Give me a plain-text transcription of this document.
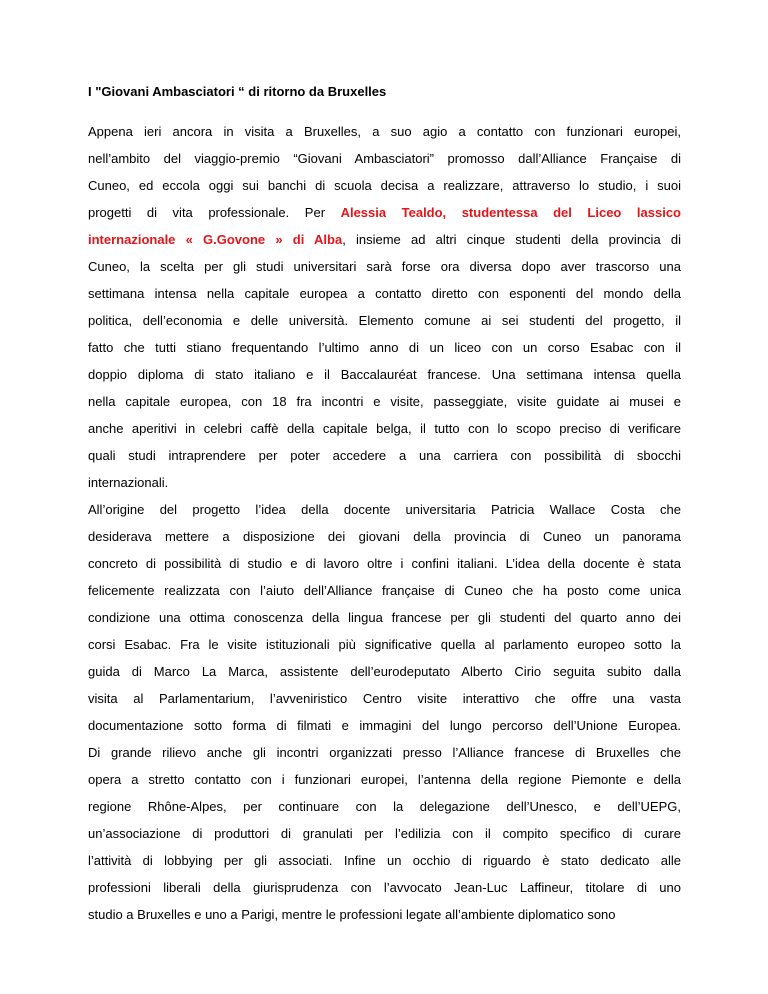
I "Giovani Ambasciatori “ di ritorno da Bruxelles
Appena ieri ancora in visita a Bruxelles, a suo agio a contatto con funzionari europei,
nell’ambito del viaggio-premio “Giovani Ambasciatori” promosso dall’Alliance Française di
Cuneo, ed eccola oggi sui banchi di scuola decisa a realizzare, attraverso lo studio, i suoi
progetti di vita professionale. Per Alessia Tealdo, studentessa del Liceo lassico
internazionale « G.Govone » di Alba, insieme ad altri cinque studenti della provincia di
Cuneo, la scelta per gli studi universitari sarà forse ora diversa dopo aver trascorso una
settimana intensa nella capitale europea a contatto diretto con esponenti del mondo della
politica, dell’economia e delle università. Elemento comune ai sei studenti del progetto, il
fatto che tutti stiano frequentando l’ultimo anno di un liceo con un corso Esabac con il
doppio diploma di stato italiano e il Baccalauréat francese. Una settimana intensa quella
nella capitale europea, con 18 fra incontri e visite, passeggiate, visite guidate ai musei e
anche aperitivi in celebri caffè della capitale belga, il tutto con lo scopo preciso di verificare
quali studi intraprendere per poter accedere a una carriera con possibilità di sbocchi
internazionali.
All’origine del progetto l’idea della docente universitaria Patricia Wallace Costa che
desiderava mettere a disposizione dei giovani della provincia di Cuneo un panorama
concreto di possibilità di studio e di lavoro oltre i confini italiani. L’idea della docente è stata
felicemente realizzata con l’aiuto dell’Alliance française di Cuneo che ha posto come unica
condizione una ottima conoscenza della lingua francese per gli studenti del quarto anno dei
corsi Esabac. Fra le visite istituzionali più significative quella al parlamento europeo sotto la
guida di Marco La Marca, assistente dell’eurodeputato Alberto Cirio seguita subito dalla
visita al Parlamentarium, l’avveniristico Centro visite interattivo che offre una vasta
documentazione sotto forma di filmati e immagini del lungo percorso dell’Unione Europea.
Di grande rilievo anche gli incontri organizzati presso l’Alliance francese di Bruxelles che
opera a stretto contatto con i funzionari europei, l’antenna della regione Piemonte e della
regione Rhône-Alpes, per continuare con la delegazione dell’Unesco, e dell’UEPG,
un’associazione di produttori di granulati per l’edilizia con il compito specifico di curare
l’attività di lobbying per gli associati. Infine un occhio di riguardo è stato dedicato alle
professioni liberali della giurisprudenza con l’avvocato Jean-Luc Laffineur, titolare di uno
studio a Bruxelles e uno a Parigi, mentre le professioni legate all’ambiente diplomatico sono
